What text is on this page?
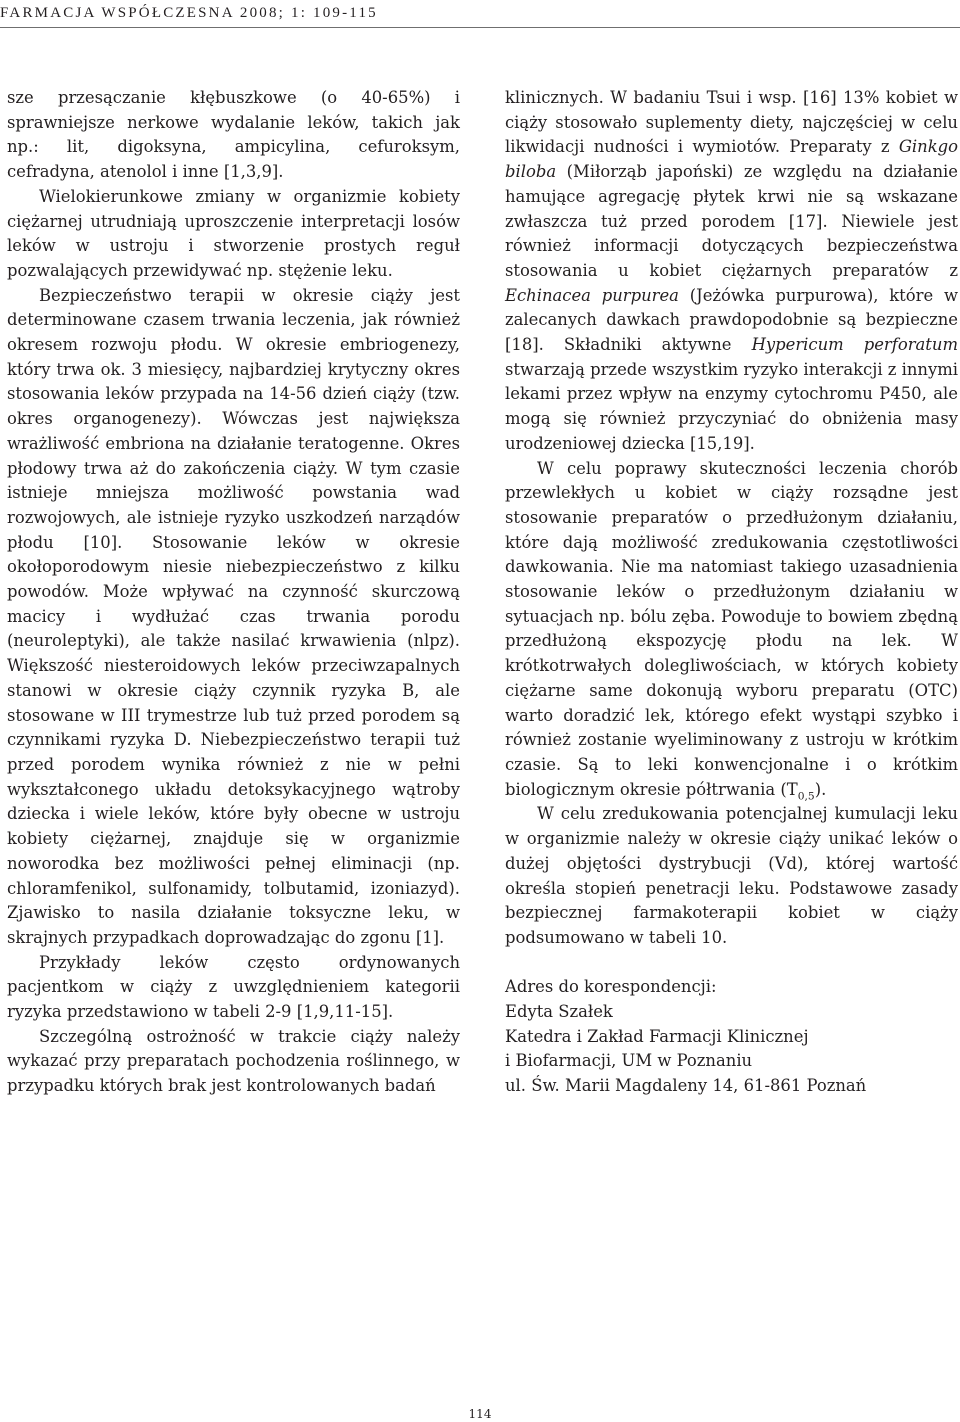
FARMACJA WSPÓŁCZESNA 2008; 1: 109-115

sze przesączanie kłębuszkowe (o 40-65%) i sprawniejsze nerkowe wydalanie leków, takich jak np.: lit, digoksyna, ampicylina, cefuroksym, cefradyna, atenolol i inne [1,3,9].

Wielokierunkowe zmiany w organizmie kobiety ciężarnej utrudniają uproszczenie interpretacji losów leków w ustroju i stworzenie prostych reguł pozwalających przewidywać np. stężenie leku.

Bezpieczeństwo terapii w okresie ciąży jest determinowane czasem trwania leczenia, jak również okresem rozwoju płodu. W okresie embriogenezy, który trwa ok. 3 miesięcy, najbardziej krytyczny okres stosowania leków przypada na 14-56 dzień ciąży (tzw. okres organogenezy). Wówczas jest największa wrażliwość embriona na działanie teratogenne. Okres płodowy trwa aż do zakończenia ciąży. W tym czasie istnieje mniejsza możliwość powstania wad rozwojowych, ale istnieje ryzyko uszkodzeń narządów płodu [10]. Stosowanie leków w okresie okołoporodowym niesie niebezpieczeństwo z kilku powodów. Może wpływać na czynność skurczową macicy i wydłużać czas trwania porodu (neuroleptyki), ale także nasilać krwawienia (nlpz). Większość niesteroidowych leków przeciwzapalnych stanowi w okresie ciąży czynnik ryzyka B, ale stosowane w III trymestrze lub tuż przed porodem są czynnikami ryzyka D. Niebezpieczeństwo terapii tuż przed porodem wynika również z nie w pełni wykształconego układu detoksykacyjnego wątroby dziecka i wiele leków, które były obecne w ustroju kobiety ciężarnej, znajduje się w organizmie noworodka bez możliwości pełnej eliminacji (np. chloramfenikol, sulfonamidy, tolbutamid, izoniazyd). Zjawisko to nasila działanie toksyczne leku, w skrajnych przypadkach doprowadzając do zgonu [1].

Przykłady leków często ordynowanych pacjentkom w ciąży z uwzględnieniem kategorii ryzyka przedstawiono w tabeli 2-9 [1,9,11-15].

Szczególną ostrożność w trakcie ciąży należy wykazać przy preparatach pochodzenia roślinnego, w przypadku których brak jest kontrolowanych badań

klinicznych. W badaniu Tsui i wsp. [16] 13% kobiet w ciąży stosowało suplementy diety, najczęściej w celu likwidacji nudności i wymiotów. Preparaty z Ginkgo biloba (Miłorząb japoński) ze względu na działanie hamujące agregację płytek krwi nie są wskazane zwłaszcza tuż przed porodem [17]. Niewiele jest również informacji dotyczących bezpieczeństwa stosowania u kobiet ciężarnych preparatów z Echinacea purpurea (Jeżówka purpurowa), które w zalecanych dawkach prawdopodobnie są bezpieczne [18]. Składniki aktywne Hypericum perforatum stwarzają przede wszystkim ryzyko interakcji z innymi lekami przez wpływ na enzymy cytochromu P450, ale mogą się również przyczyniać do obniżenia masy urodzeniowej dziecka [15,19].

W celu poprawy skuteczności leczenia chorób przewlekłych u kobiet w ciąży rozsądne jest stosowanie preparatów o przedłużonym działaniu, które dają możliwość zredukowania częstotliwości dawkowania. Nie ma natomiast takiego uzasadnienia stosowanie leków o przedłużonym działaniu w sytuacjach np. bólu zęba. Powoduje to bowiem zbędną przedłużoną ekspozycję płodu na lek. W krótkotrwałych dolegliwościach, w których kobiety ciężarne same dokonują wyboru preparatu (OTC) warto doradzić lek, którego efekt wystąpi szybko i również zostanie wyeliminowany z ustroju w krótkim czasie. Są to leki konwencjonalne i o krótkim biologicznym okresie półtrwania $(T_{0,5})$.

W celu zredukowania potencjalnej kumulacji leku w organizmie należy w okresie ciąży unikać leków o dużej objętości dystrybucji (Vd), której wartość określa stopień penetracji leku. Podstawowe zasady bezpiecznej farmakoterapii kobiet w ciąży podsumowano w tabeli 10.

Adres do korespondencji:
Edyta Szałek
Katedra i Zakład Farmacji Klinicznej
i Biofarmacji, UM w Poznaniu
ul. Św. Marii Magdaleny 14, 61-861 Poznań
114
